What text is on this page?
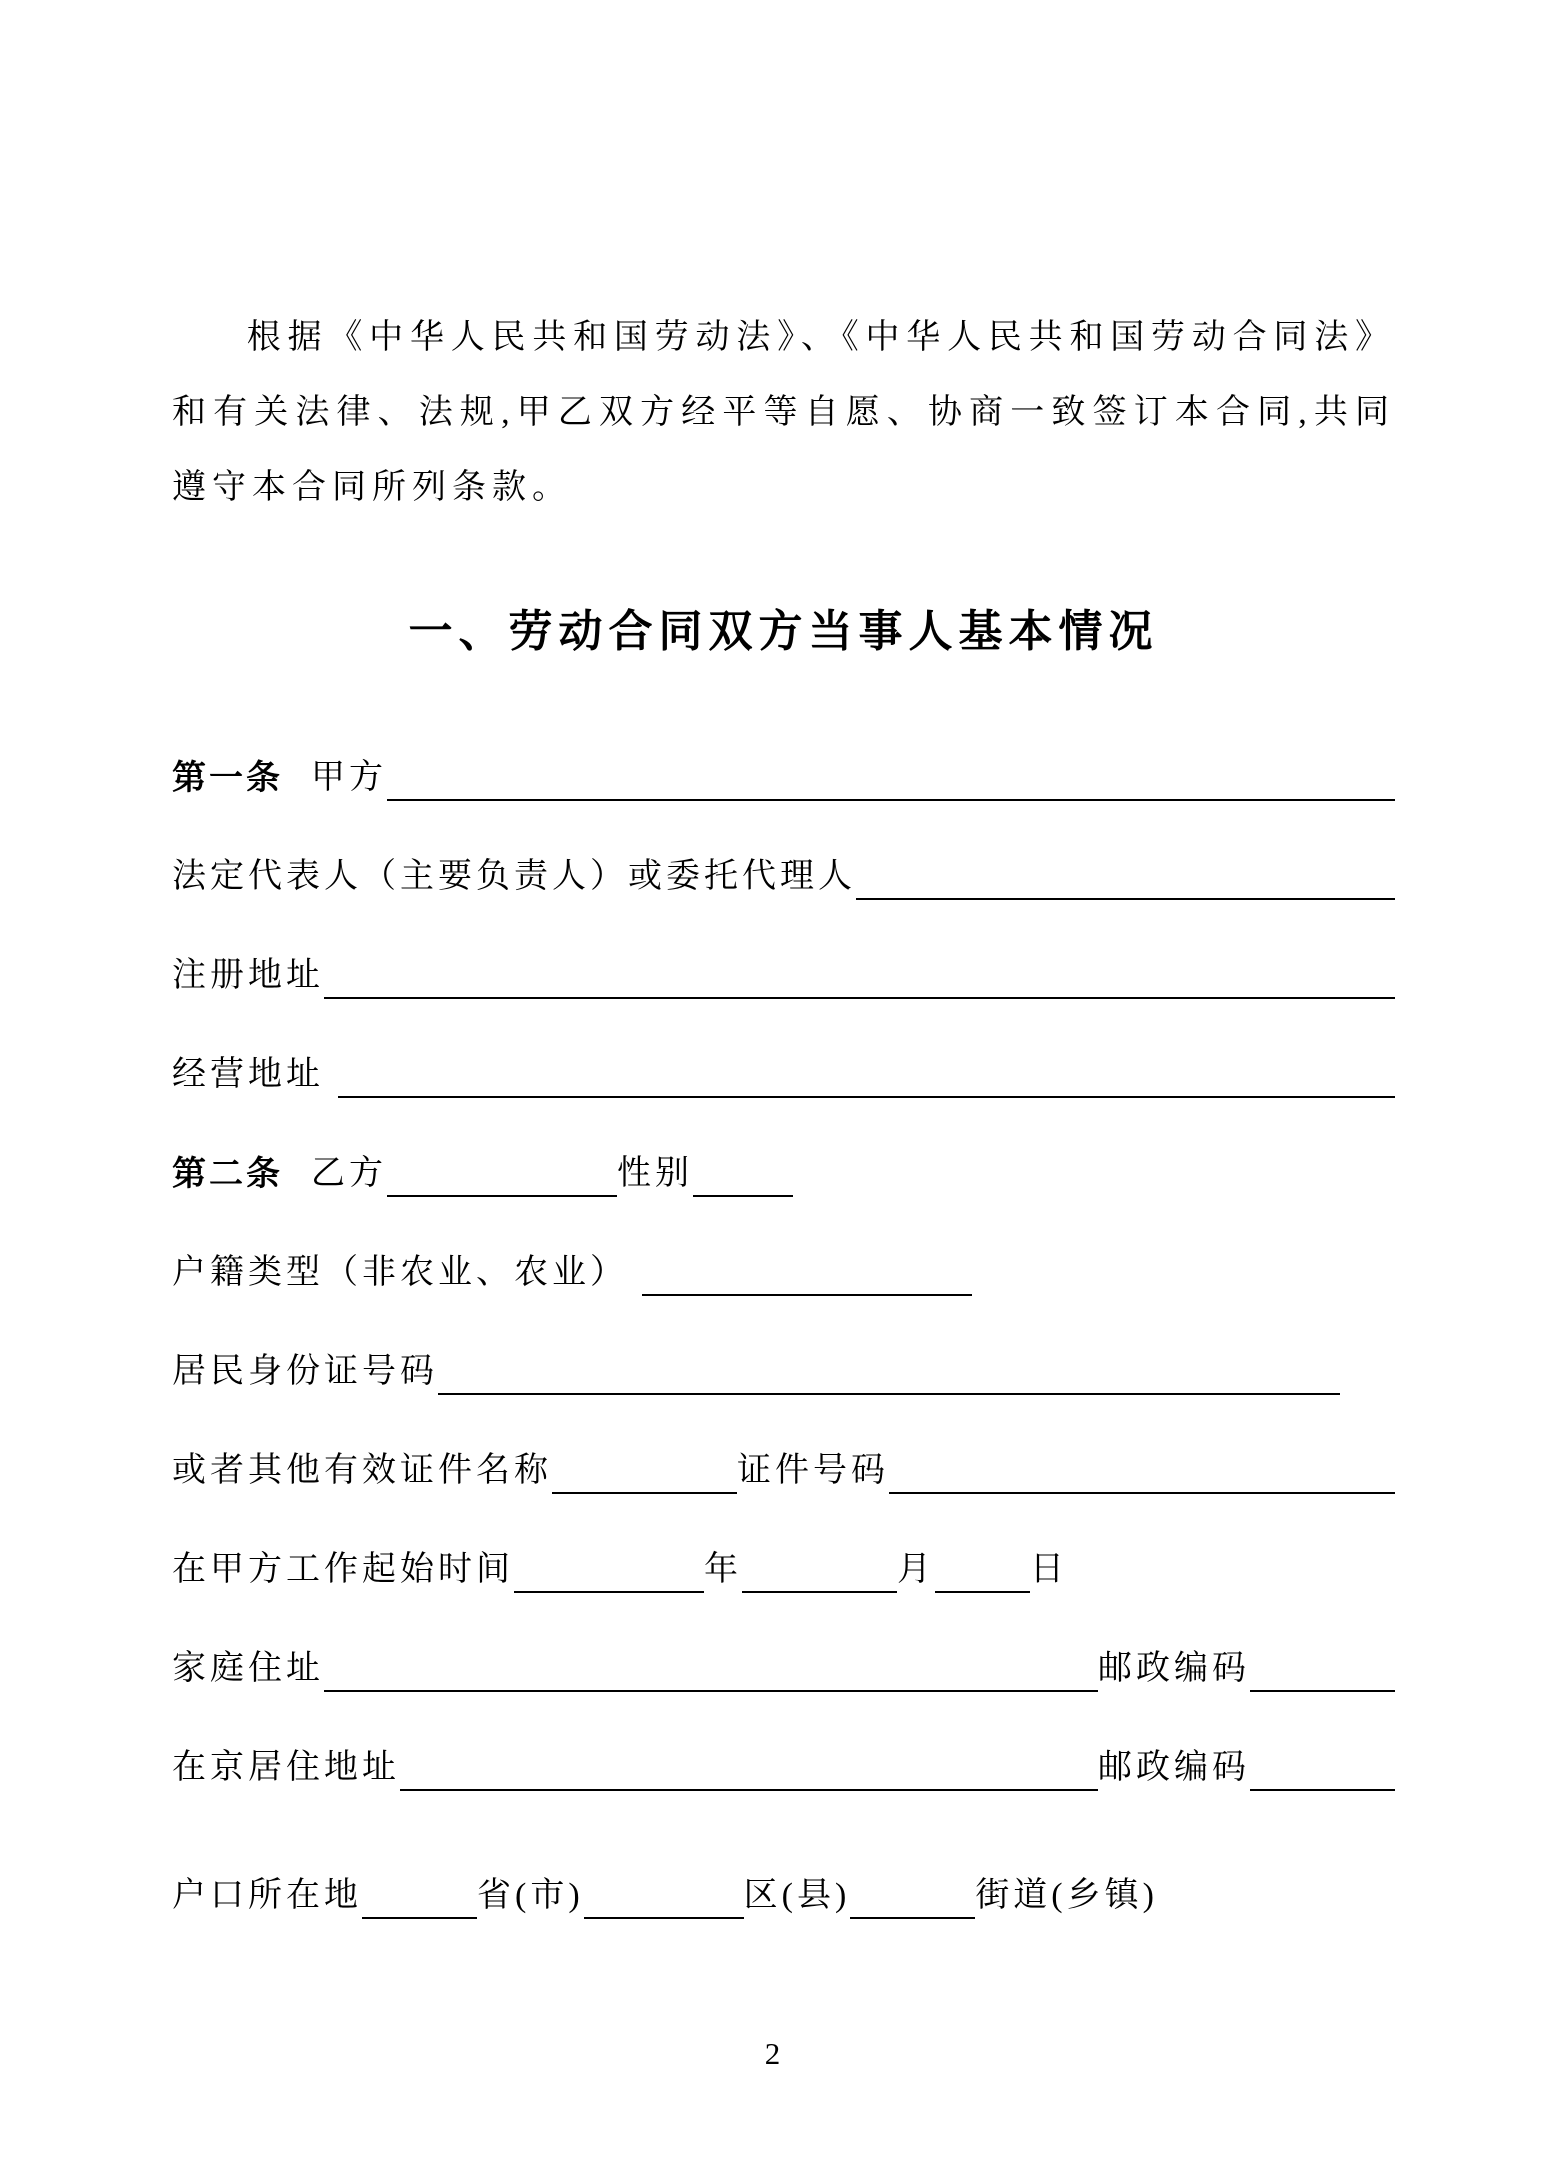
根据《中华人民共和国劳动法》、《中华人民共和国劳动合同法》和有关法律、法规,甲乙双方经平等自愿、协商一致签订本合同,共同遵守本合同所列条款。

一、劳动合同双方当事人基本情况
第一条 甲方
法定代表人（主要负责人）或委托代理人
注册地址
经营地址
第二条 乙方	性别
户籍类型（非农业、农业）
居民身份证号码
或者其他有效证件名称	证件号码
在甲方工作起始时间	年	月	日
家庭住址	邮政编码
在京居住地址	邮政编码
户口所在地	省(市)	区(县)	街道(乡镇)
2
